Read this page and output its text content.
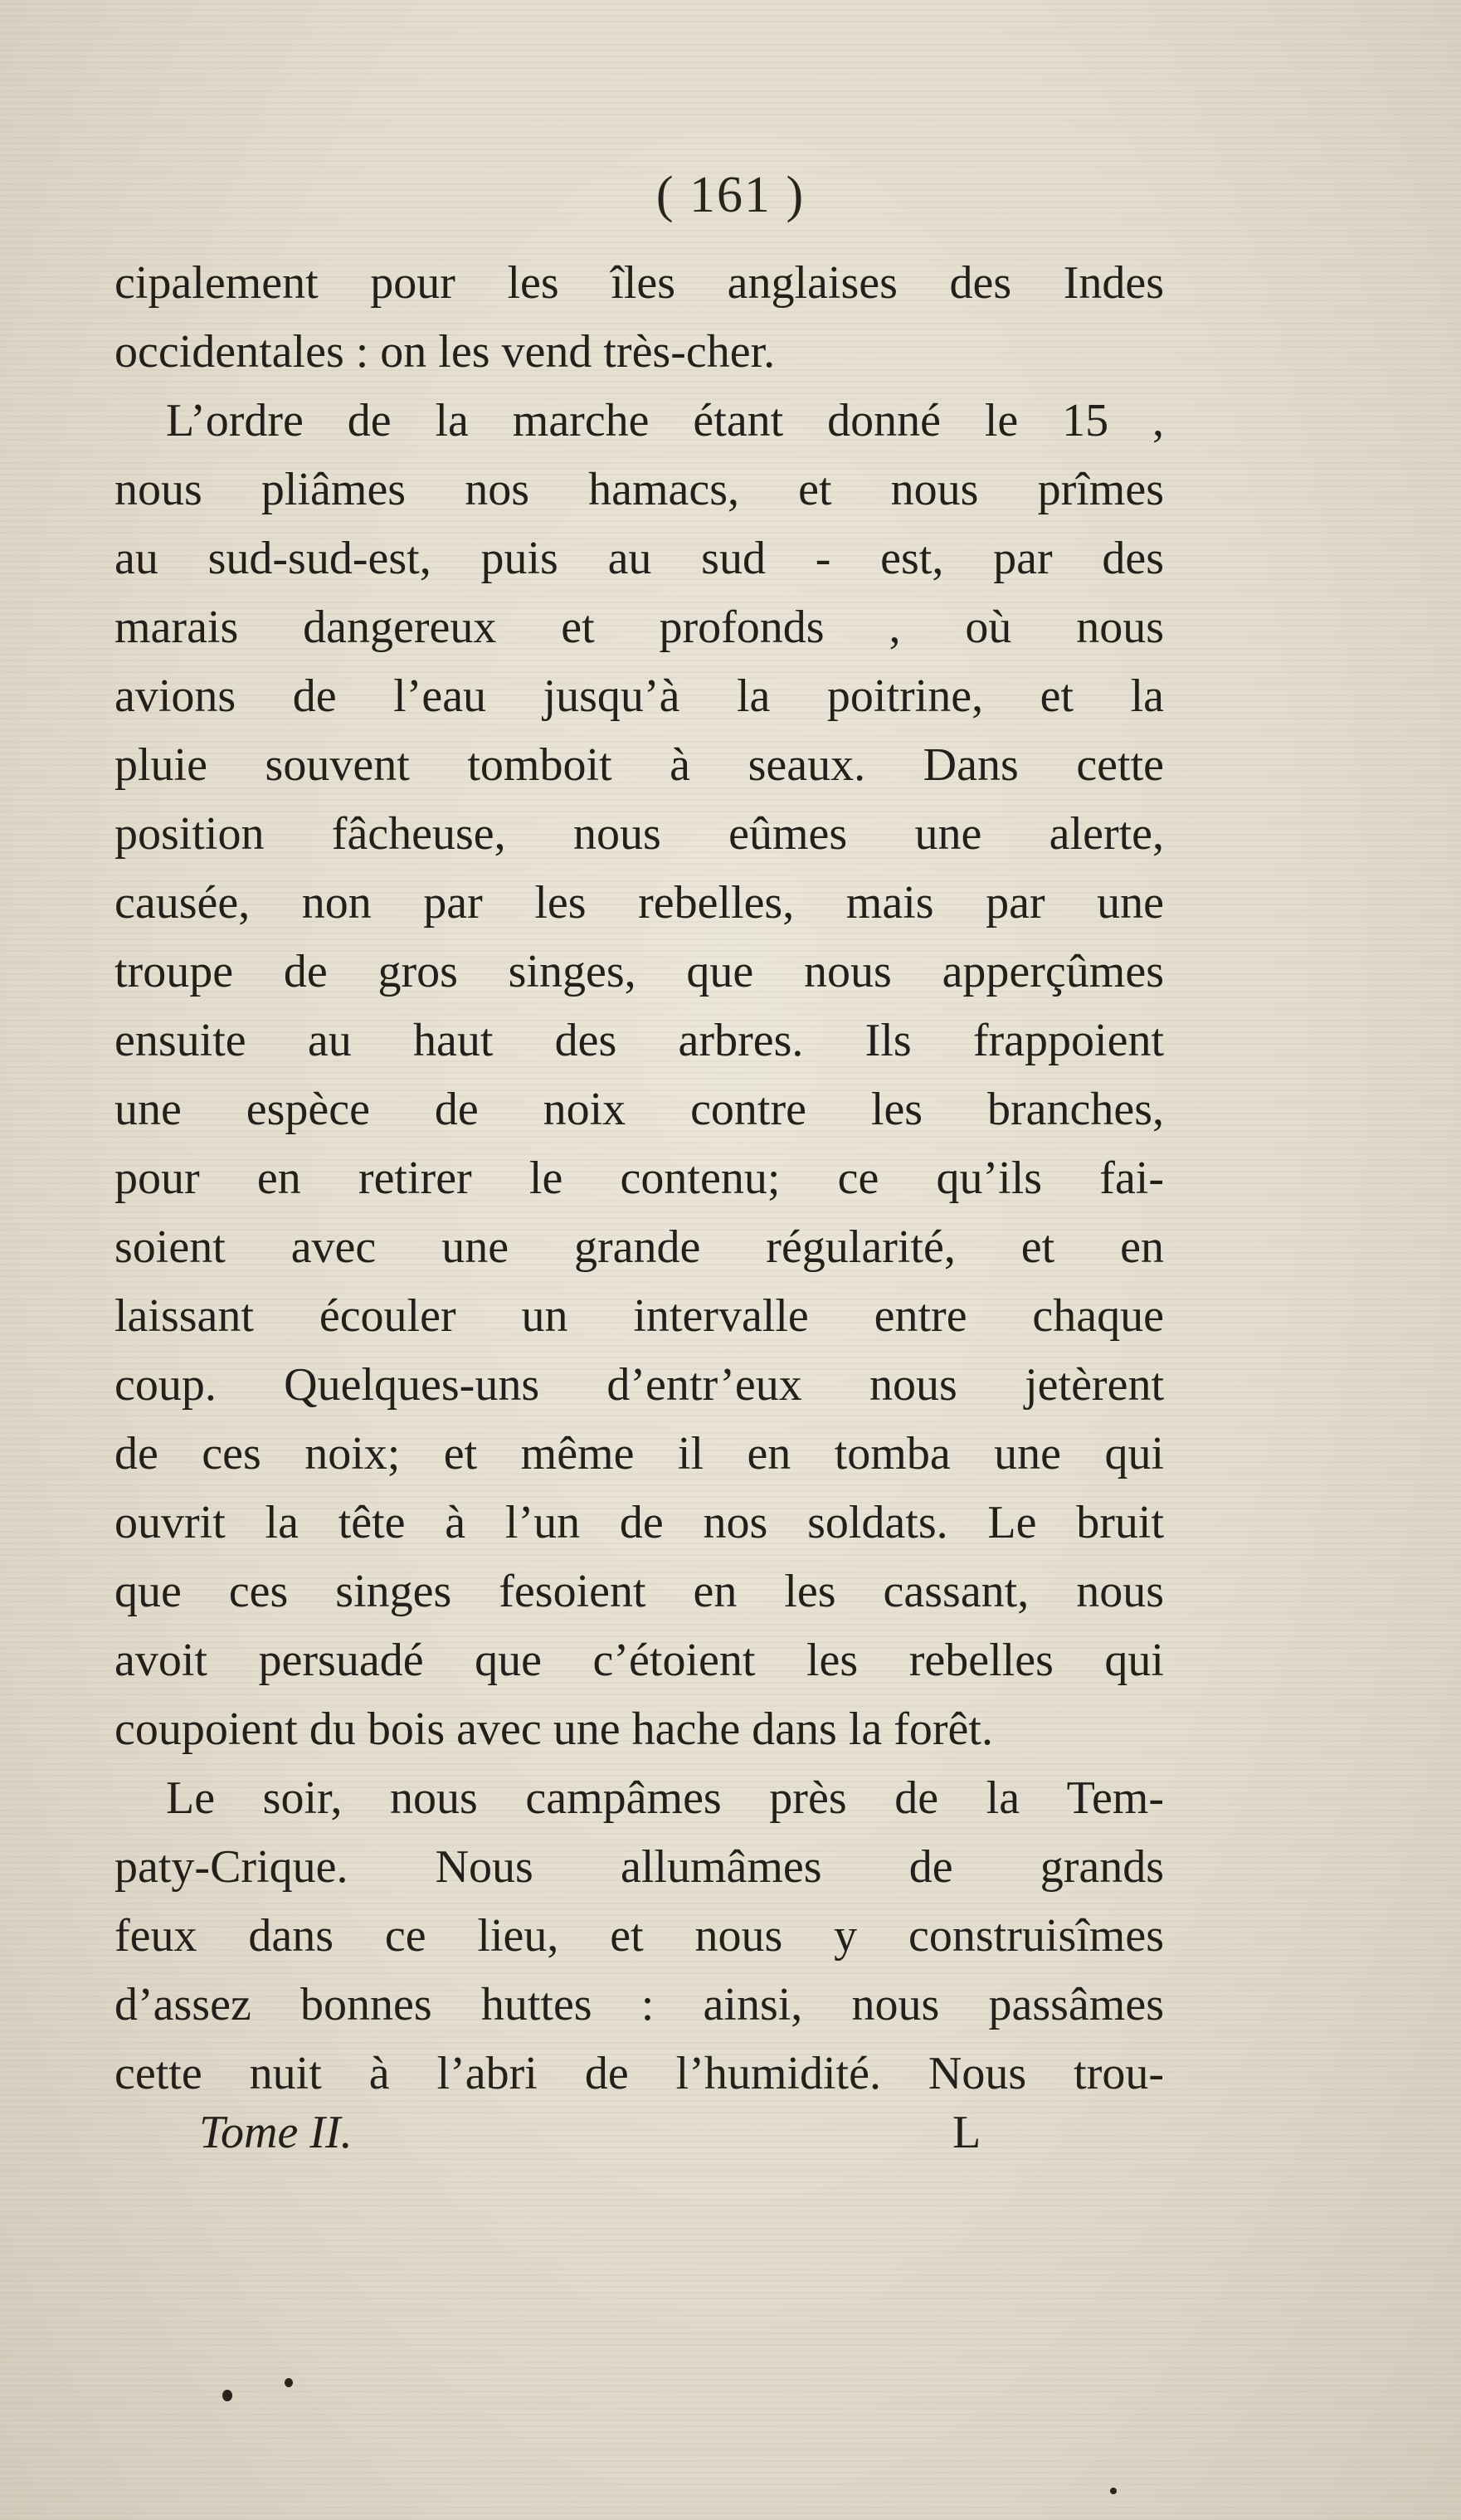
( 161 )
cipalement pour les îles anglaises des Indes
occidentales : on les vend très-cher.
L’ordre de la marche étant donné le 15 ,
nous pliâmes nos hamacs, et nous prîmes
au sud-sud-est, puis au sud - est, par des
marais dangereux et profonds , où nous
avions de l’eau jusqu’à la poitrine, et la
pluie souvent tomboit à seaux. Dans cette
position fâcheuse, nous eûmes une alerte,
causée, non par les rebelles, mais par une
troupe de gros singes, que nous apperçûmes
ensuite au haut des arbres. Ils frappoient
une espèce de noix contre les branches,
pour en retirer le contenu; ce qu’ils fai-
soient avec une grande régularité, et en
laissant écouler un intervalle entre chaque
coup. Quelques-uns d’entr’eux nous jetèrent
de ces noix; et même il en tomba une qui
ouvrit la tête à l’un de nos soldats. Le bruit
que ces singes fesoient en les cassant, nous
avoit persuadé que c’étoient les rebelles qui
coupoient du bois avec une hache dans la forêt.
Le soir, nous campâmes près de la Tem-
paty-Crique. Nous allumâmes de grands
feux dans ce lieu, et nous y construisîmes
d’assez bonnes huttes : ainsi, nous passâmes
cette nuit à l’abri de l’humidité. Nous trou-
Tome II.	L
